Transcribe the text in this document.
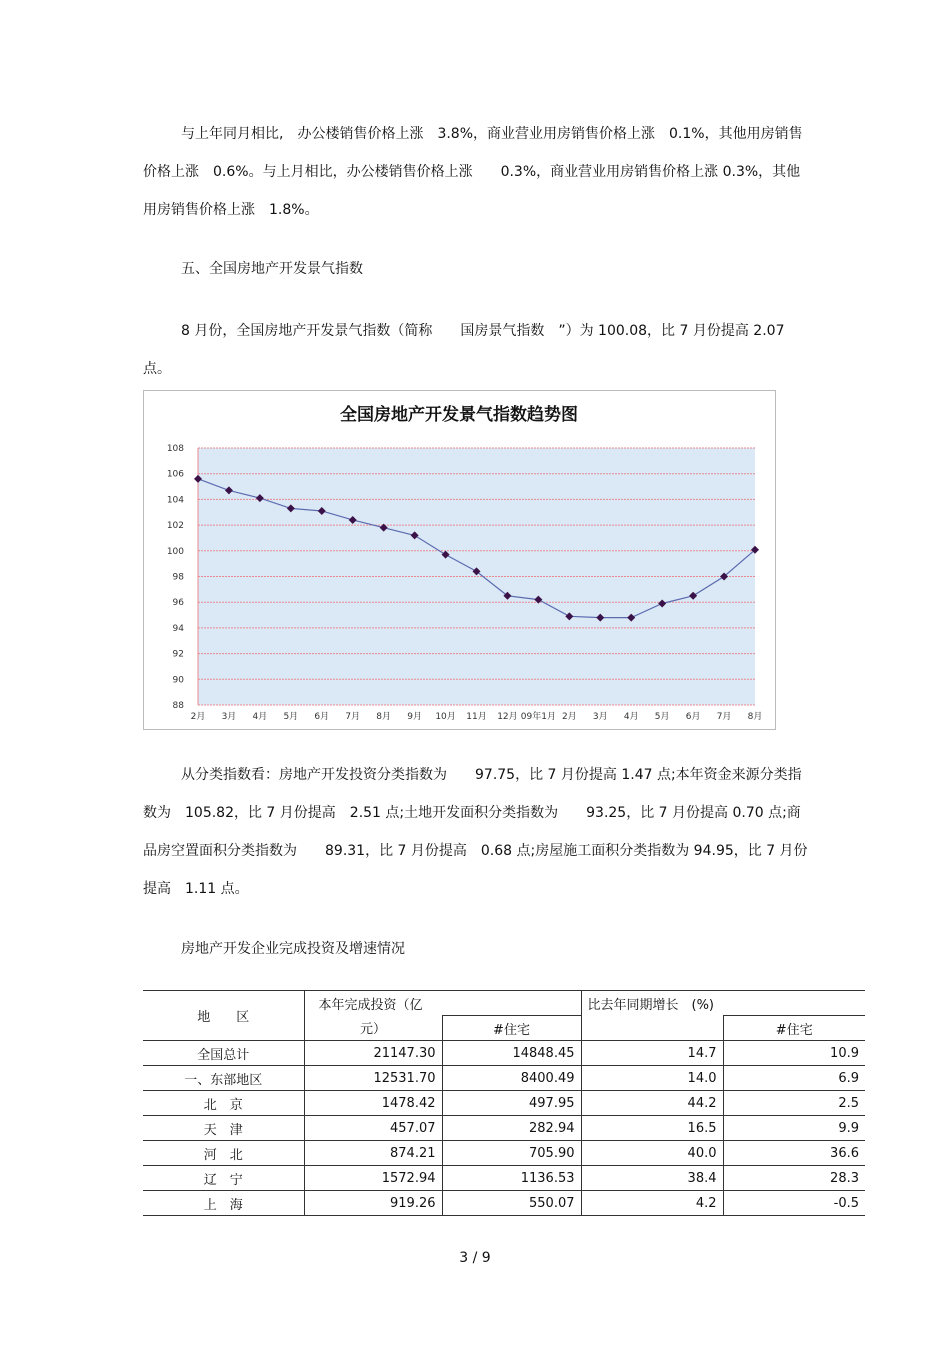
与上年同月相比,　办公楼销售价格上涨　3.8%，商业营业用房销售价格上涨　0.1%，其他用房销售价格上涨　0.6%。与上月相比，办公楼销售价格上涨　　0.3%，商业营业用房销售价格上涨 0.3%，其他用房销售价格上涨　1.8%。

五、全国房地产开发景气指数

8 月份，全国房地产开发景气指数（简称　　国房景气指数　”）为 100.08，比 7 月份提高 2.07 点。

全国房地产开发景气指数趋势图
88
90
92
94
96
98
100
102
104
106
108
2月 3月 4月 5月 6月 7月 8月 9月 10月 11月 12月 09年1月 2月 3月 4月 5月 6月 7月 8月

从分类指数看：房地产开发投资分类指数为　　97.75，比 7 月份提高 1.47 点;本年资金来源分类指数为　105.82，比 7 月份提高　2.51 点;土地开发面积分类指数为　　93.25，比 7 月份提高 0.70 点;商品房空置面积分类指数为　　89.31，比 7 月份提高　0.68 点;房屋施工面积分类指数为 94.95，比 7 月份提高　1.11 点。

房地产开发企业完成投资及增速情况

地　　区	本年完成投资（亿		比去年同期增长　(%)	
	元）	#住宅		#住宅
全国总计	21147.30	14848.45	14.7	10.9
一、东部地区	12531.70	8400.49	14.0	6.9
北　京	1478.42	497.95	44.2	2.5
天　津	457.07	282.94	16.5	9.9
河　北	874.21	705.90	40.0	36.6
辽　宁	1572.94	1136.53	38.4	28.3
上　海	919.26	550.07	4.2	-0.5
3 / 9
